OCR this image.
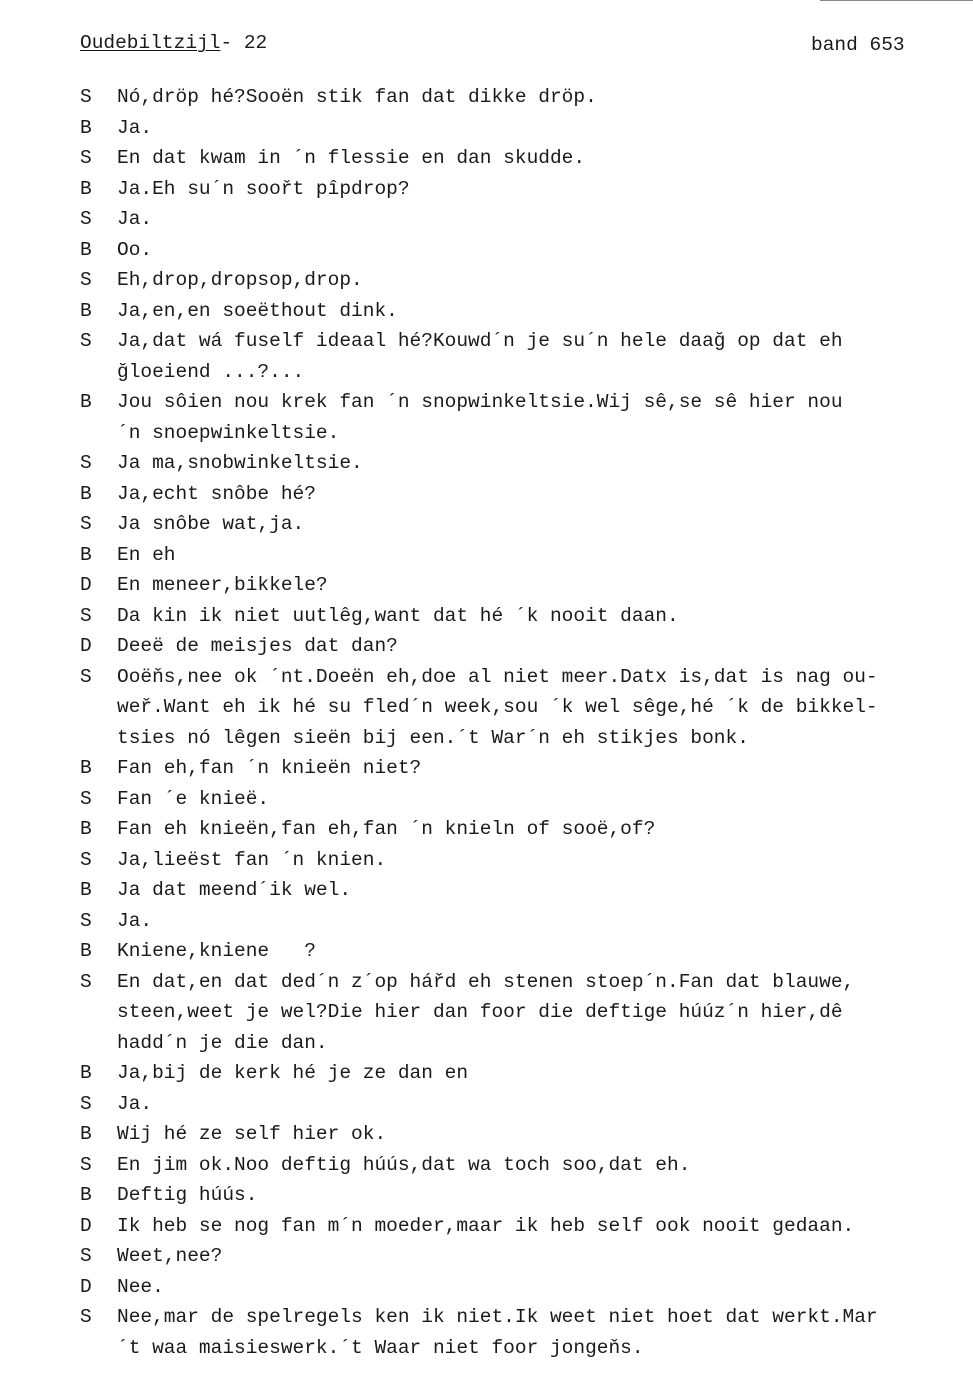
Oudebiltzijl- 22	band 653
S	Nó,dröp hé?Sooën stik fan dat dikke dröp.
B	Ja.
S	En dat kwam in ´n flessie en dan skudde.
B	Ja.Eh su´n soořt pîpdrop?
S	Ja.
B	Oo.
S	Eh,drop,dropsop,drop.
B	Ja,en,en soeëthout dink.
S	Ja,dat wá fuself ideaal hé?Kouwd´n je su´n hele daağ op dat eh
ğloeiend ...?...
B	Jou sôien nou krek fan ´n snopwinkeltsie.Wij sê,se sê hier nou
´n snoepwinkeltsie.
S	Ja ma,snobwinkeltsie.
B	Ja,echt snôbe hé?
S	Ja snôbe wat,ja.
B	En eh
D	En meneer,bikkele?
S	Da kin ik niet uutlêg,want dat hé ´k nooit daan.
D	Deeë de meisjes dat dan?
S	Ooëňs,nee ok ´nt.Doeën eh,doe al niet meer.Datx is,dat is nag ou-
weř.Want eh ik hé su fled´n week,sou ´k wel sêge,hé ´k de bikkel-
tsies nó lêgen sieën bij een.´t War´n eh stikjes bonk.
B	Fan eh,fan ´n knieën niet?
S	Fan ´e knieë.
B	Fan eh knieën,fan eh,fan ´n knieln of sooë,of?
S	Ja,lieëst fan ´n knien.
B	Ja dat meend´ik wel.
S	Ja.
B	Kniene,kniene   ?
S	En dat,en dat ded´n z´op hářd eh stenen stoep´n.Fan dat blauwe,
steen,weet je wel?Die hier dan foor die deftige húúz´n hier,dê
hadd´n je die dan.
B	Ja,bij de kerk hé je ze dan en
S	Ja.
B	Wij hé ze self hier ok.
S	En jim ok.Noo deftig húús,dat wa toch soo,dat eh.
B	Deftig húús.
D	Ik heb se nog fan m´n moeder,maar ik heb self ook nooit gedaan.
S	Weet,nee?
D	Nee.
S	Nee,mar de spelregels ken ik niet.Ik weet niet hoet dat werkt.Mar
´t waa maisieswerk.´t Waar niet foor jongeňs.
